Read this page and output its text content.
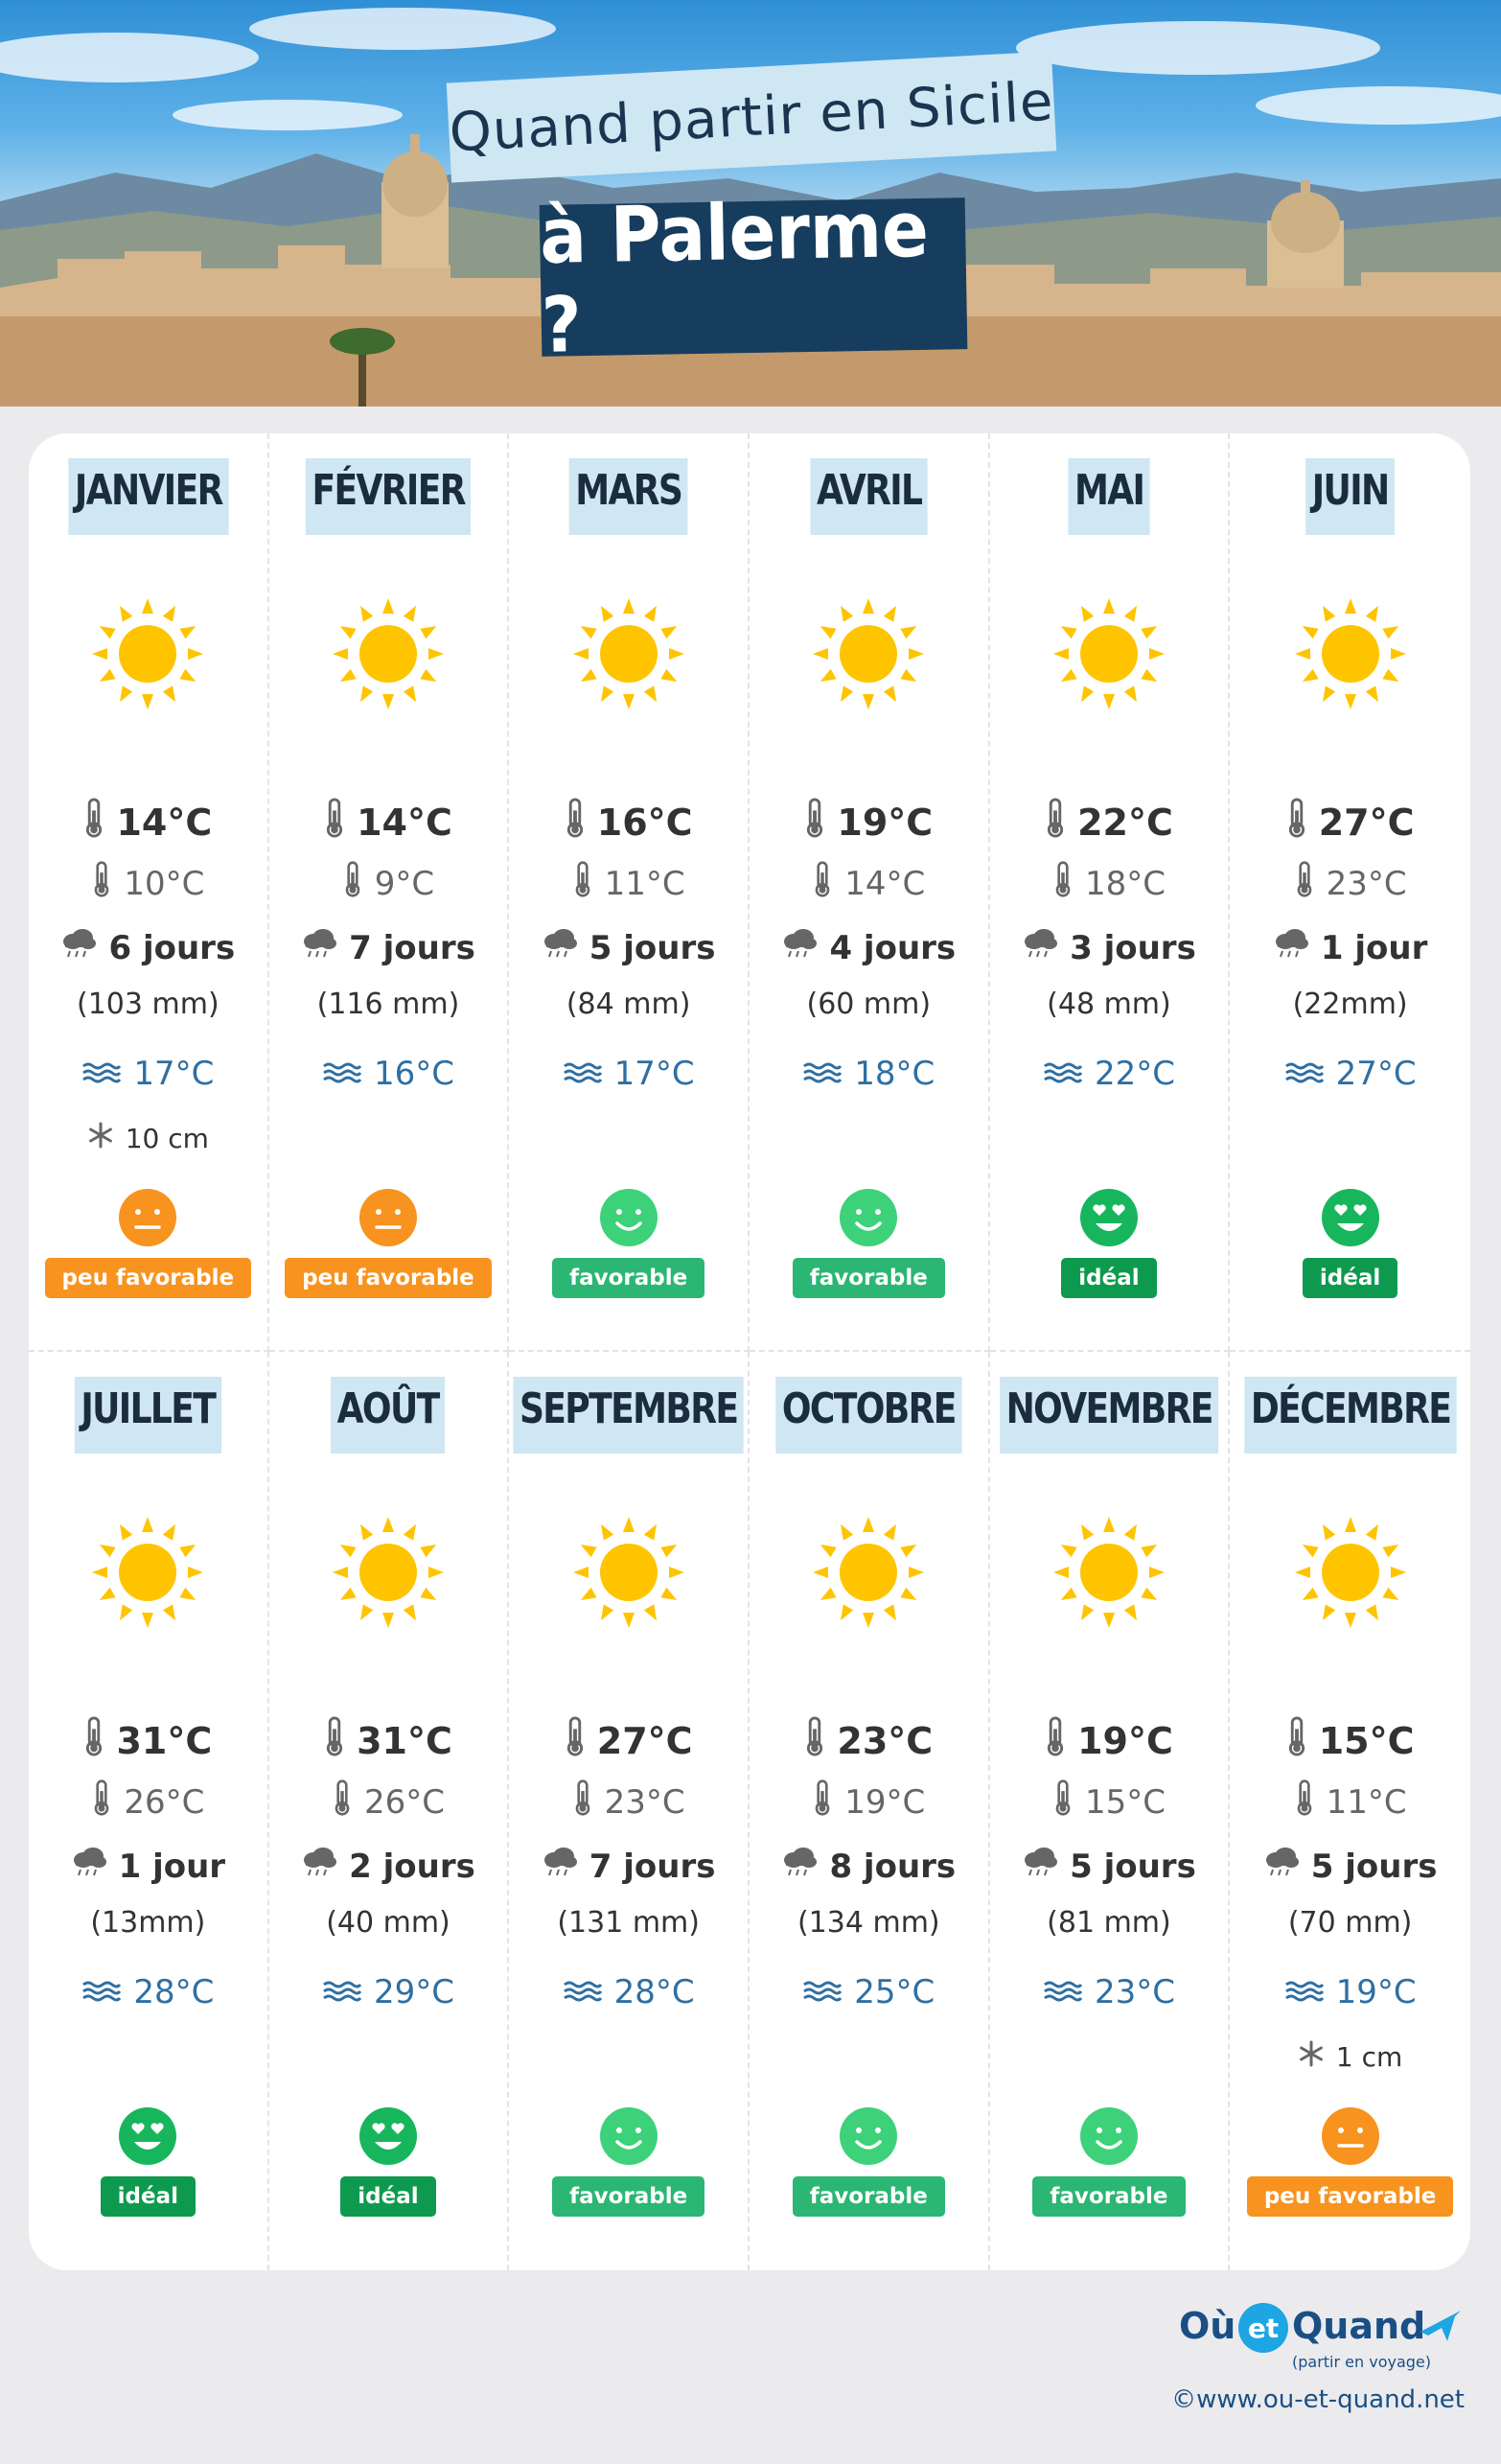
Quand partir en Sicile
à Palerme ?
JANVIER
14°C
10°C
6 jours
(103 mm)
17°C
10 cm
peu favorable
FÉVRIER
14°C
9°C
7 jours
(116 mm)
16°C
peu favorable
MARS
16°C
11°C
5 jours
(84 mm)
17°C
favorable
AVRIL
19°C
14°C
4 jours
(60 mm)
18°C
favorable
MAI
22°C
18°C
3 jours
(48 mm)
22°C
idéal
JUIN
27°C
23°C
1 jour
(22mm)
27°C
idéal
JUILLET
31°C
26°C
1 jour
(13mm)
28°C
idéal
AOÛT
31°C
26°C
2 jours
(40 mm)
29°C
idéal
SEPTEMBRE
27°C
23°C
7 jours
(131 mm)
28°C
favorable
OCTOBRE
23°C
19°C
8 jours
(134 mm)
25°C
favorable
NOVEMBRE
19°C
15°C
5 jours
(81 mm)
23°C
favorable
DÉCEMBRE
15°C
11°C
5 jours
(70 mm)
19°C
1 cm
peu favorable
Où et Quand
(partir en voyage)
©www.ou-et-quand.net
